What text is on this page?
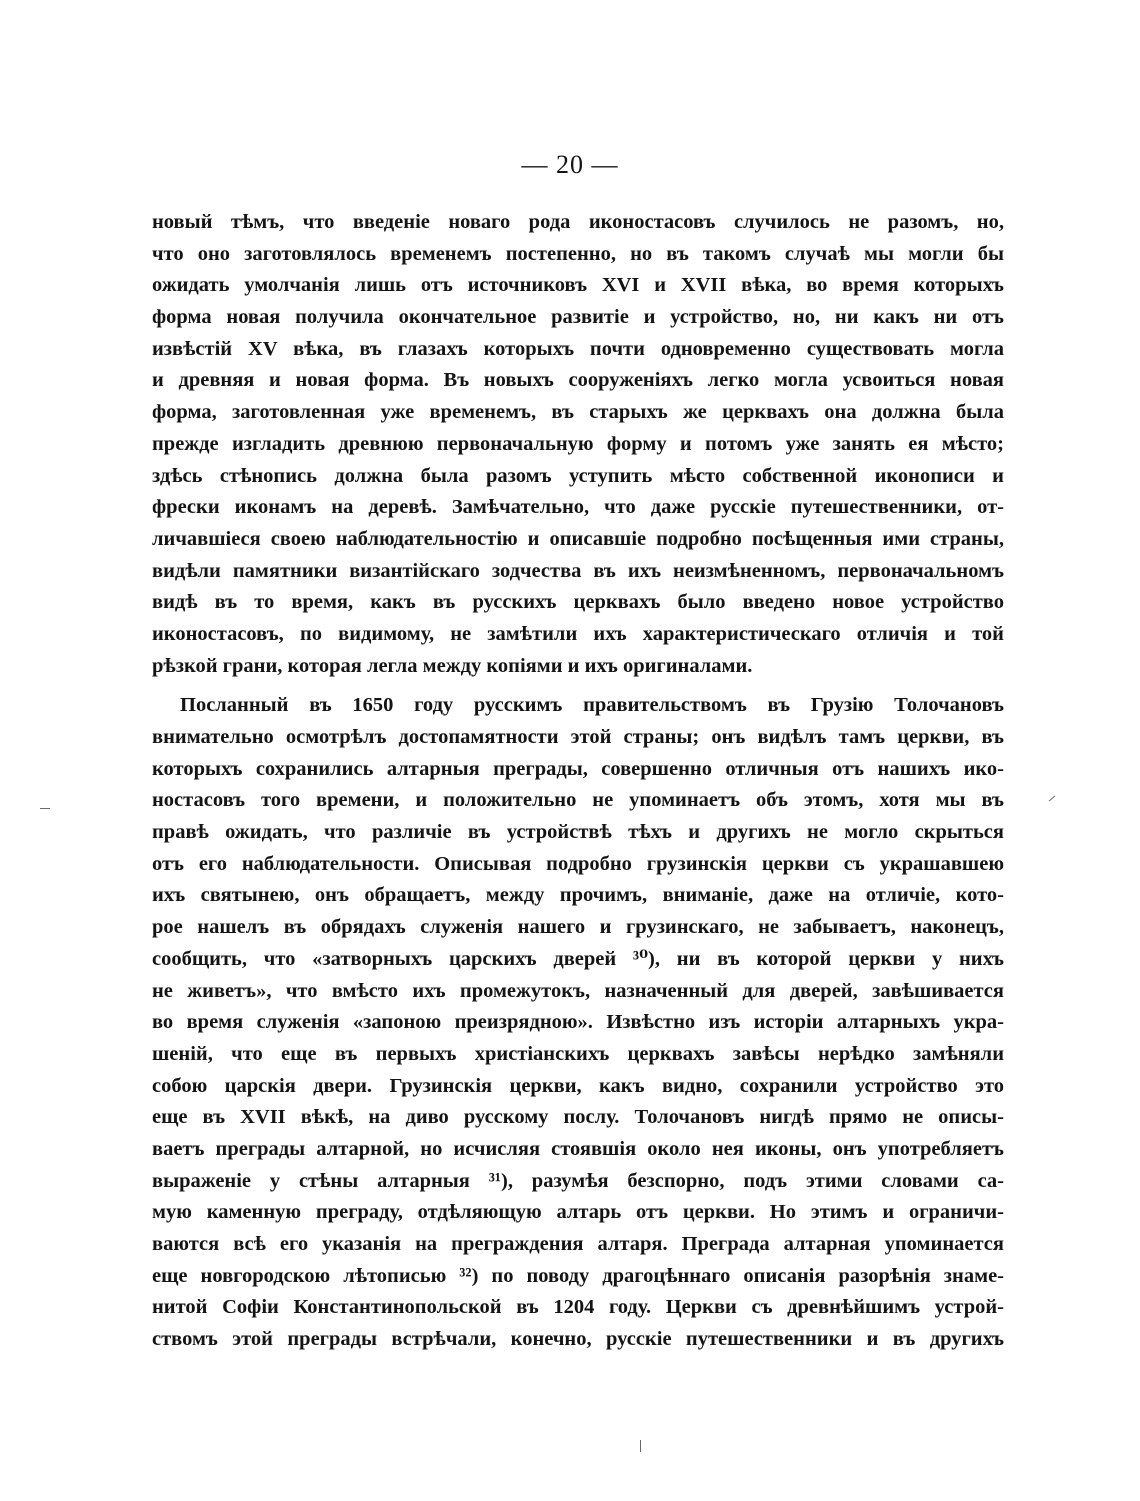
— 20 —
новый тѣмъ, что введеніе новаго рода иконостасовъ случилось не разомъ, но,
что оно заготовлялось временемъ постепенно, но въ такомъ случаѣ мы могли бы
ожидать умолчанія лишь отъ источниковъ XVI и XVII вѣка, во время которыхъ
форма новая получила окончательное развитіе и устройство, но, ни какъ ни отъ
извѣстій XV вѣка, въ глазахъ которыхъ почти одновременно существовать могла
и древняя и новая форма. Въ новыхъ сооруженіяхъ легко могла усвоиться новая
форма, заготовленная уже временемъ, въ старыхъ же церквахъ она должна была
прежде изгладить древнюю первоначальную форму и потомъ уже занять ея мѣсто;
здѣсь стѣнопись должна была разомъ уступить мѣсто собственной иконописи и
фрески иконамъ на деревѣ. Замѣчательно, что даже русскіе путешественники, от-
личавшіеся своею наблюдательностію и описавшіе подробно посѣщенныя ими страны,
видѣли памятники византійскаго зодчества въ ихъ неизмѣненномъ, первоначальномъ
видѣ въ то время, какъ въ русскихъ церквахъ было введено новое устройство
иконостасовъ, по видимому, не замѣтили ихъ характеристическаго отличія и той
рѣзкой грани, которая легла между копіями и ихъ оригиналами.
Посланный въ 1650 году русскимъ правительствомъ въ Грузію Толочановъ
внимательно осмотрѣлъ достопамятности этой страны; онъ видѣлъ тамъ церкви, въ
которыхъ сохранились алтарныя преграды, совершенно отличныя отъ нашихъ ико-
ностасовъ того времени, и положительно не упоминаетъ объ этомъ, хотя мы въ
правѣ ожидать, что различіе въ устройствѣ тѣхъ и другихъ не могло скрыться
отъ его наблюдательности. Описывая подробно грузинскія церкви съ украшавшею
ихъ святынею, онъ обращаетъ, между прочимъ, вниманіе, даже на отличіе, кото-
рое нашелъ въ обрядахъ служенія нашего и грузинскаго, не забываетъ, наконецъ,
сообщить, что «затворныхъ царскихъ дверей ³⁰), ни въ которой церкви у нихъ
не живетъ», что вмѣсто ихъ промежутокъ, назначенный для дверей, завѣшивается
во время служенія «запоною преизрядною». Извѣстно изъ исторіи алтарныхъ укра-
шеній, что еще въ первыхъ христіанскихъ церквахъ завѣсы нерѣдко замѣняли
собою царскія двери. Грузинскія церкви, какъ видно, сохранили устройство это
еще въ XVII вѣкѣ, на диво русскому послу. Толочановъ нигдѣ прямо не описы-
ваетъ преграды алтарной, но исчисляя стоявшія около нея иконы, онъ употребляетъ
выраженіе у стѣны алтарныя ³¹), разумѣя безспорно, подъ этими словами са-
мую каменную преграду, отдѣляющую алтарь отъ церкви. Но этимъ и ограничи-
ваются всѣ его указанія на преграждения алтаря. Преграда алтарная упоминается
еще новгородскою лѣтописью ³²) по поводу драгоцѣннаго описанія разорѣнія знаме-
нитой Софіи Константинопольской въ 1204 году. Церкви съ древнѣйшимъ устрой-
ствомъ этой преграды встрѣчали, конечно, русскіе путешественники и въ другихъ
